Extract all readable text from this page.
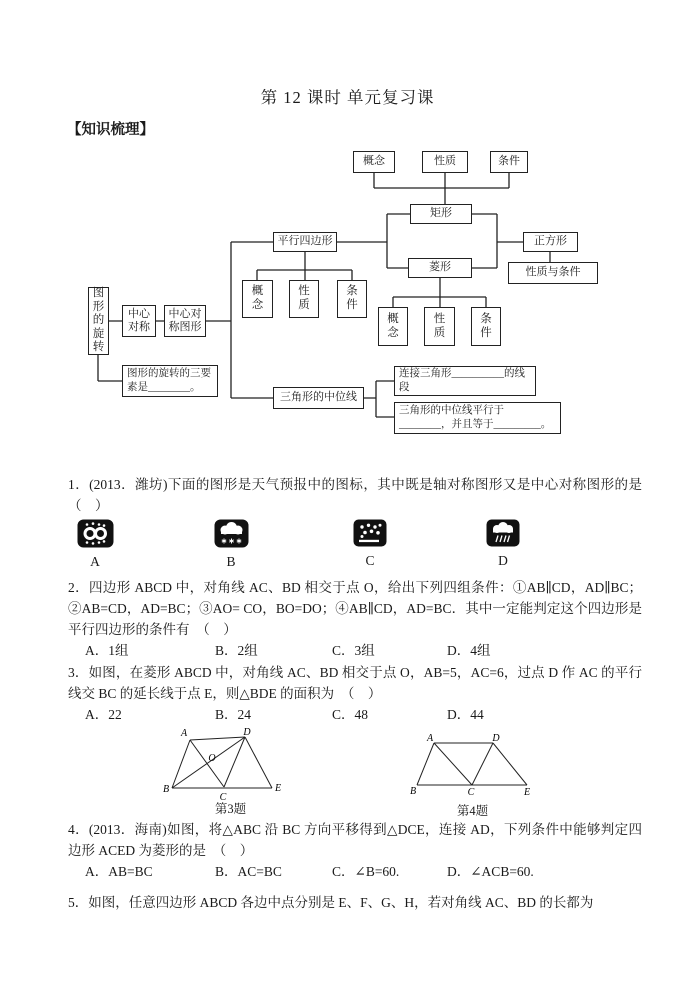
第 12 课时 单元复习课
【知识梳理】
概念	性质	条件
矩形
平行四边形	正方形
菱形	性质与条件
概念
性质
条件
概念
性质
条件
图形的旋转
中心对称
中心对称图形
图形的旋转的三要素是________。
三角形的中位线
连接三角形__________的线段
三角形的中位线平行于________，并且等于_________。

1．(2013．潍坊)下面的图形是天气预报中的图标，其中既是轴对称图形又是中心对称图形的是　（　）

A	B	C	D

2．四边形 ABCD 中，对角线 AC、BD 相交于点 O，给出下列四组条件：①AB∥CD，AD∥BC；②AB=CD，AD=BC；③AO= CO，BO=DO；④AB∥CD，AD=BC．其中一定能判定这个四边形是平行四边形的条件有　（　）

A．1组	B．2组	C．3组	D．4组

3．如图，在菱形 ABCD 中，对角线 AC、BD 相交于点 O，AB=5，AC=6，过点 D 作 AC 的平行线交 BC 的延长线于点 E，则△BDE 的面积为　（　）

A．22	B．24	C．48	D．44
A	D
B
C
E
O
第3题
A	D
B	C	E
第4题

4．(2013．海南)如图，将△ABC 沿 BC 方向平移得到△DCE，连接 AD，下列条件中能够判定四边形 ACED 为菱形的是　（　）

A．AB=BC	B．AC=BC	C．∠B=60.	D．∠ACB=60.

5．如图，任意四边形 ABCD 各边中点分别是 E、F、G、H，若对角线 AC、BD 的长都为
